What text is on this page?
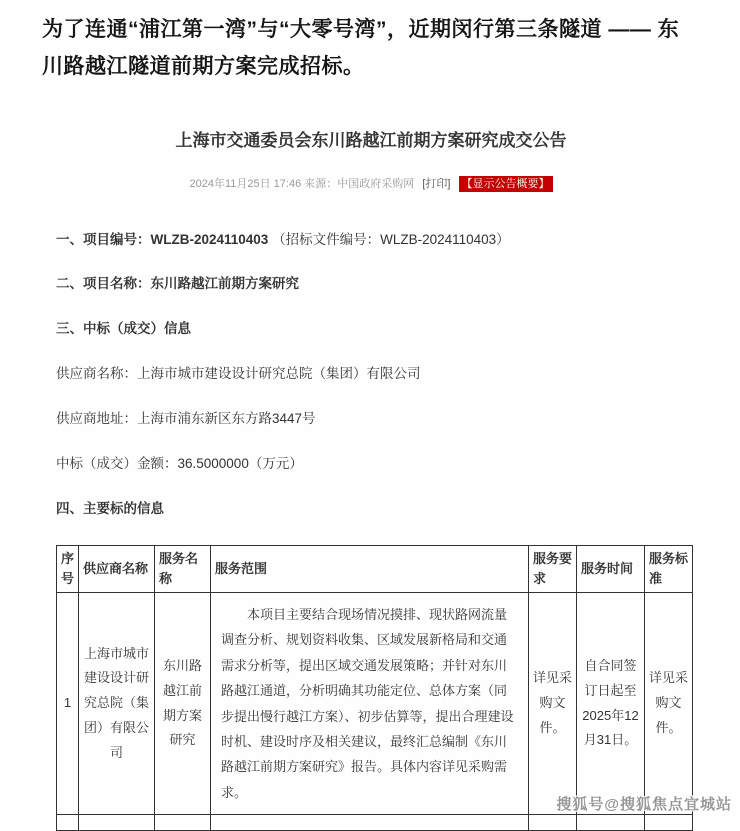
为了连通“浦江第一湾”与“大零号湾”，近期闵行第三条隧道 —— 东川路越江隧道前期方案完成招标。

上海市交通委员会东川路越江前期方案研究成交公告
2024年11月25日 17:46 来源：中国政府采购网 [打印] 【显示公告概要】

一、项目编号：WLZB-2024110403 （招标文件编号：WLZB-2024110403）

二、项目名称：东川路越江前期方案研究

三、中标（成交）信息

供应商名称：上海市城市建设设计研究总院（集团）有限公司

供应商地址：上海市浦东新区东方路3447号

中标（成交）金额：36.5000000（万元）

四、主要标的信息

序号	供应商名称	服务名称	服务范围	服务要求	服务时间	服务标准
1	上海市城市建设设计研究总院（集团）有限公司	东川路越江前期方案研究	本项目主要结合现场情况摸排、现状路网流量调查分析、规划资料收集、区域发展新格局和交通需求分析等，提出区域交通发展策略；并针对东川路越江通道，分析明确其功能定位、总体方案（同步提出慢行越江方案）、初步估算等，提出合理建设时机、建设时序及相关建议，最终汇总编制《东川路越江前期方案研究》报告。具体内容详见采购需求。	详见采购文件。	自合同签订日起至2025年12月31日。	详见采购文件。

搜狐号@搜狐焦点宜城站
